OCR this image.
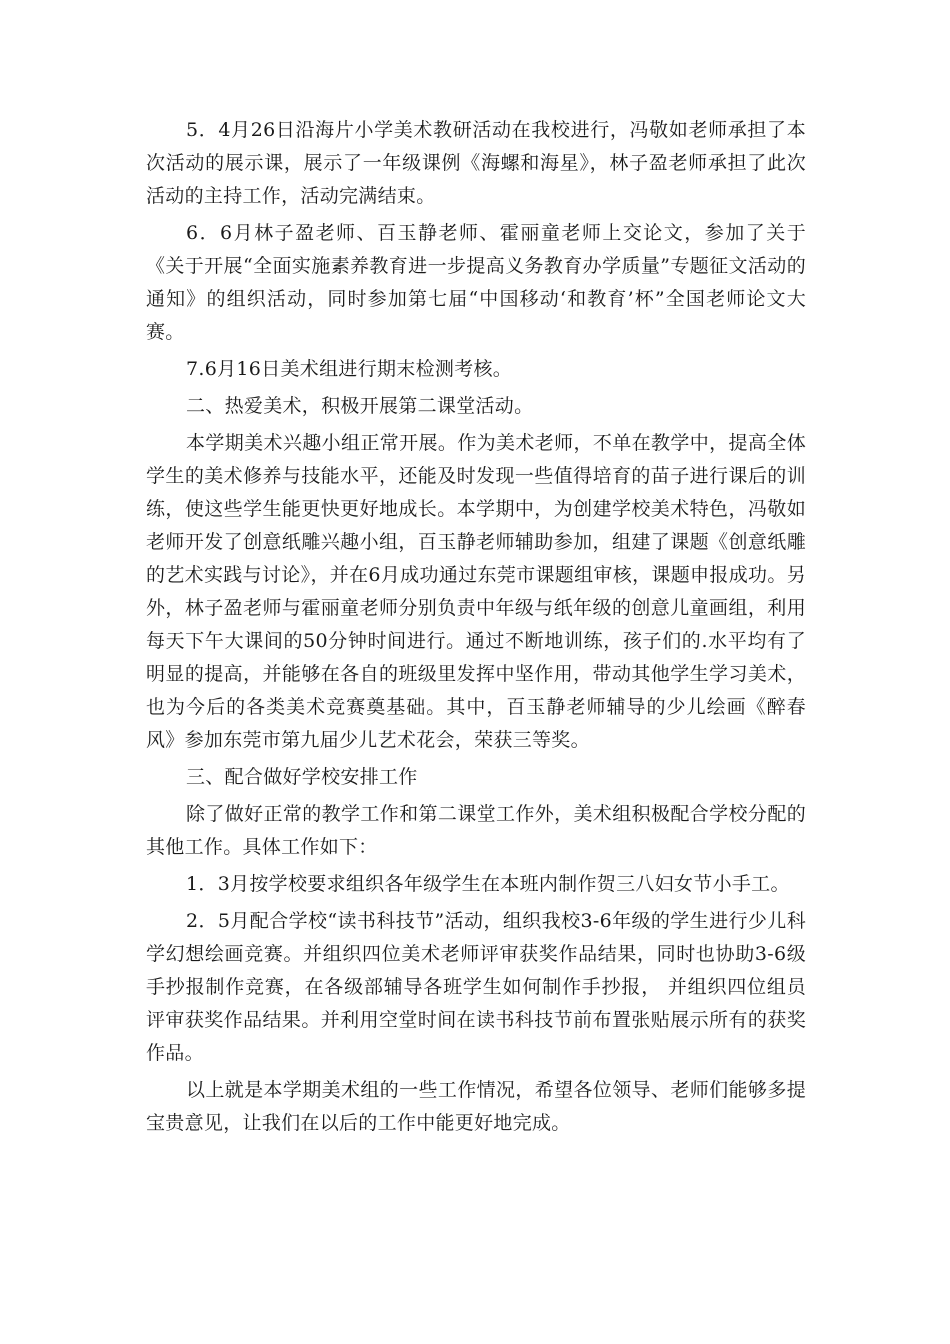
5．4月26日沿海片小学美术教研活动在我校进行，冯敬如老师承担了本次活动的展示课，展示了一年级课例《海螺和海星》，林子盈老师承担了此次活动的主持工作，活动完满结束。

6．6月林子盈老师、百玉静老师、霍丽童老师上交论文，参加了关于《关于开展“全面实施素养教育进一步提高义务教育办学质量”专题征文活动的通知》的组织活动，同时参加第七届“中国移动‘和教育’杯”全国老师论文大赛。

7.6月16日美术组进行期末检测考核。

二、热爱美术，积极开展第二课堂活动。

本学期美术兴趣小组正常开展。作为美术老师，不单在教学中，提高全体学生的美术修养与技能水平，还能及时发现一些值得培育的苗子进行课后的训练，使这些学生能更快更好地成长。本学期中，为创建学校美术特色，冯敬如老师开发了创意纸雕兴趣小组，百玉静老师辅助参加，组建了课题《创意纸雕的艺术实践与讨论》，并在6月成功通过东莞市课题组审核，课题申报成功。另外，林子盈老师与霍丽童老师分别负责中年级与纸年级的创意儿童画组，利用每天下午大课间的50分钟时间进行。通过不断地训练，孩子们的.水平均有了明显的提高，并能够在各自的班级里发挥中坚作用，带动其他学生学习美术，也为今后的各类美术竞赛奠基础。其中，百玉静老师辅导的少儿绘画《醉春风》参加东莞市第九届少儿艺术花会，荣获三等奖。

三、配合做好学校安排工作

除了做好正常的教学工作和第二课堂工作外，美术组积极配合学校分配的其他工作。具体工作如下：

1．3月按学校要求组织各年级学生在本班内制作贺三八妇女节小手工。

2．5月配合学校“读书科技节”活动，组织我校3-6年级的学生进行少儿科学幻想绘画竞赛。并组织四位美术老师评审获奖作品结果，同时也协助3-6级手抄报制作竞赛，在各级部辅导各班学生如何制作手抄报， 并组织四位组员评审获奖作品结果。并利用空堂时间在读书科技节前布置张贴展示所有的获奖作品。

以上就是本学期美术组的一些工作情况，希望各位领导、老师们能够多提宝贵意见，让我们在以后的工作中能更好地完成。
